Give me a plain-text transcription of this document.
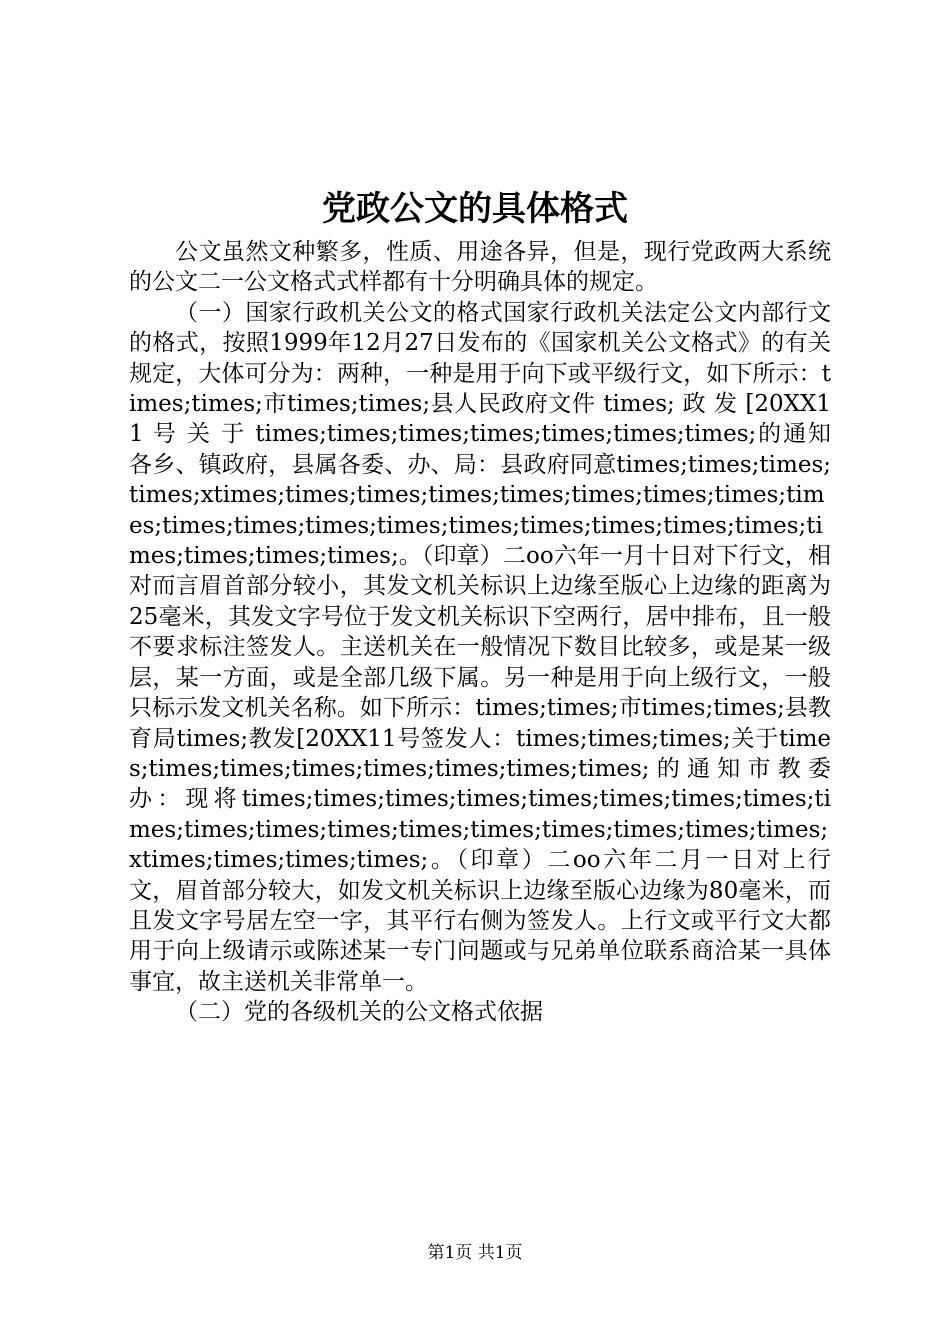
党政公文的具体格式

公文虽然文种繁多，性质、用途各异，但是，现行党政两大系统的公文二一公文格式式样都有十分明确具体的规定。

（一）国家行政机关公文的格式国家行政机关法定公文内部行文的格式，按照1999年12月27日发布的《国家机关公文格式》的有关规定，大体可分为：两种，一种是用于向下或平级行文，如下所示：times;times;市times;times;县人民政府文件 times; 政 发 [20XX11 号 关 于 times;times;times;times;times;times;times;的通知各乡、镇政府，县属各委、办、局：县政府同意times;times;times;times;xtimes;times;times;times;times;times;times;times;times;times;times;times;times;times;times;times;times;times;times;times;times;times;。（印章）二oo六年一月十日对下行文，相对而言眉首部分较小，其发文机关标识上边缘至版心上边缘的距离为25毫米，其发文字号位于发文机关标识下空两行，居中排布，且一般不要求标注签发人。主送机关在一般情况下数目比较多，或是某一级层，某一方面，或是全部几级下属。另一种是用于向上级行文，一般只标示发文机关名称。如下所示：times;times;市times;times;县教育局times;教发[20XX11号签发人：times;times;times;关于times;times;times;times;times;times;times;times;的通知市教委办：现将times;times;times;times;times;times;times;times;times;times;times;times;times;times;times;times;times;times;xtimes;times;times;times;。（印章）二oo六年二月一日对上行文，眉首部分较大，如发文机关标识上边缘至版心边缘为80毫米，而且发文字号居左空一字，其平行右侧为签发人。上行文或平行文大都用于向上级请示或陈述某一专门问题或与兄弟单位联系商洽某一具体事宜，故主送机关非常单一。

（二）党的各级机关的公文格式依据

第1页 共1页
